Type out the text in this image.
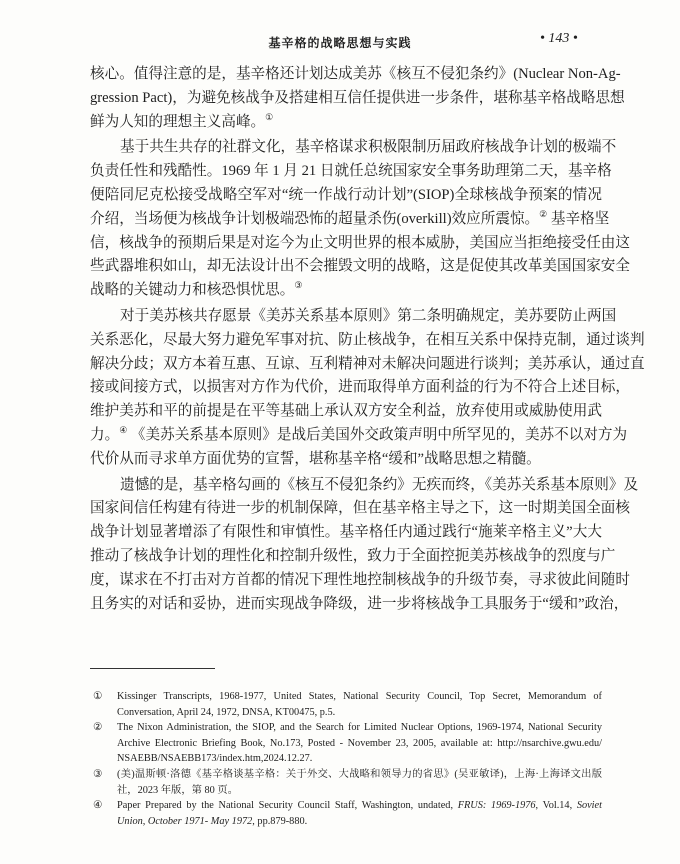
基辛格的战略思想与实践	• 143 •
核心。值得注意的是，基辛格还计划达成美苏《核互不侵犯条约》(Nuclear Non-Ag-
gression Pact)，为避免核战争及搭建相互信任提供进一步条件，堪称基辛格战略思想
鲜为人知的理想主义高峰。①
基于共生共存的社群文化，基辛格谋求积极限制历届政府核战争计划的极端不
负责任性和残酷性。1969 年 1 月 21 日就任总统国家安全事务助理第二天，基辛格
便陪同尼克松接受战略空军对“统一作战行动计划”(SIOP)全球核战争预案的情况
介绍，当场便为核战争计划极端恐怖的超量杀伤(overkill)效应所震惊。② 基辛格坚
信，核战争的预期后果是对迄今为止文明世界的根本威胁，美国应当拒绝接受任由这
些武器堆积如山，却无法设计出不会摧毁文明的战略，这是促使其改革美国国家安全
战略的关键动力和核恐惧忧思。③
对于美苏核共存愿景《美苏关系基本原则》第二条明确规定，美苏要防止两国
关系恶化，尽最大努力避免军事对抗、防止核战争，在相互关系中保持克制，通过谈判
解决分歧；双方本着互惠、互谅、互利精神对未解决问题进行谈判；美苏承认，通过直
接或间接方式，以损害对方作为代价，进而取得单方面利益的行为不符合上述目标，
维护美苏和平的前提是在平等基础上承认双方安全利益，放弃使用或威胁使用武
力。④ 《美苏关系基本原则》是战后美国外交政策声明中所罕见的，美苏不以对方为
代价从而寻求单方面优势的宣誓，堪称基辛格“缓和”战略思想之精髓。
遗憾的是，基辛格勾画的《核互不侵犯条约》无疾而终，《美苏关系基本原则》及
国家间信任构建有待进一步的机制保障，但在基辛格主导之下，这一时期美国全面核
战争计划显著增添了有限性和审慎性。基辛格任内通过践行“施莱辛格主义”大大
推动了核战争计划的理性化和控制升级性，致力于全面控扼美苏核战争的烈度与广
度，谋求在不打击对方首都的情况下理性地控制核战争的升级节奏，寻求彼此间随时
且务实的对话和妥协，进而实现战争降级，进一步将核战争工具服务于“缓和”政治，
①	Kissinger Transcripts, 1968-1977, United States, National Security Council, Top Secret, Memorandum of Conversation, April 24, 1972, DNSA, KT00475, p.5.
②	The Nixon Administration, the SIOP, and the Search for Limited Nuclear Options, 1969-1974, National Security Archive Electronic Briefing Book, No.173, Posted - November 23, 2005, available at: http://nsarchive.gwu.edu/ NSAEBB/NSAEBB173/index.htm,2024.12.27.
③	(美)温斯顿·洛德《基辛格谈基辛格：关于外交、大战略和领导力的省思》(吴亚敏译)，上海·上海译文出版社，2023 年版，第 80 页。
④	Paper Prepared by the National Security Council Staff, Washington, undated, FRUS: 1969-1976, Vol.14, Soviet Union, October 1971- May 1972, pp.879-880.
